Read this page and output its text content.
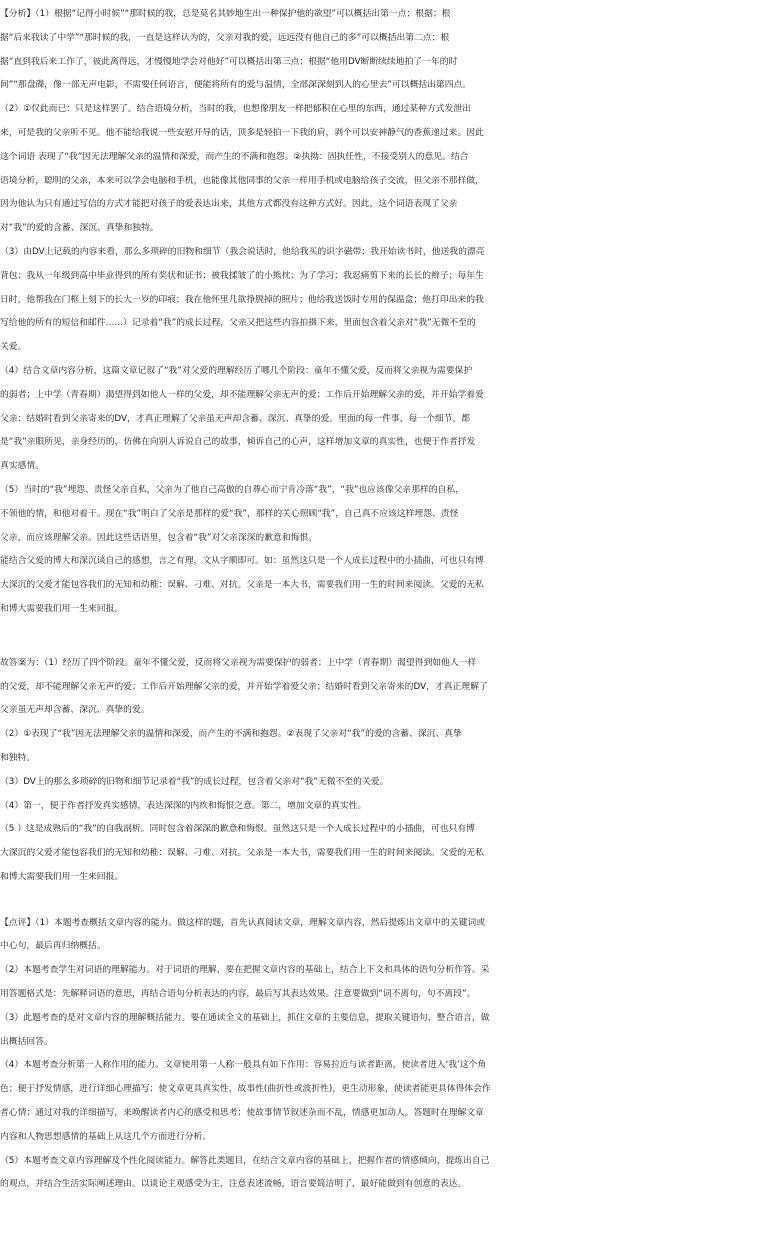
【分析】（1）根据“记得小时候”“那时候的我，总是莫名其妙地生出一种保护他的欲望”可以概括出第一点；根据；根

据“后来我读了中学”“那时候的我，一直是这样认为的，父亲对我的爱，远远没有他自己的多”可以概括出第二点；根

据“直到我后来工作了，彼此离得远，才慢慢地学会对他好”可以概括出第三点；根据“他用DV断断续续地拍了一年的时

间”“那盘碟，像一部无声电影，不需要任何语言，便能将所有的爱与温情，全部深深刻到人的心里去”可以概括出第四点。

（2）①仅此而已：只是这样罢了。结合语境分析，当时的我，也想像朋友一样把郁积在心里的东西，通过某种方式发泄出

来，可是我的父亲听不见。他不能给我说一些安慰开导的话，顶多是轻拍一下我的肩，剥个可以安神静气的香蕉递过来。因此

这个词语 表现了“我”因无法理解父亲的温情和深爱，而产生的不满和抱怨。②执拗：固执任性，不接受别人的意见。结合

语境分析，聪明的父亲，本来可以学会电脑和手机，也能像其他同事的父亲一样用手机或电脑给孩子交流，但父亲不那样做，

因为他认为只有通过写信的方式才能把对孩子的爱表达出来，其他方式都没有这种方式好。因此，这个词语表现了父亲

对“我”的爱的含蓄、深沉、真挚和独特。

（3）由DV上记载的内容来看，那么多琐碎的旧物和细节（我会说话时，他给我买的识字磁带；我开始读书时，他送我的漂亮

背包；我从一年级到高中毕业得到的所有奖状和证书；被我揉皱了的小熊枕；为了学习；我忍痛剪下来的长长的辫子；每年生

日时，他帮我在门框上刻下的长大一岁的印痕；我在他怀里几欲挣脱掉的照片；他给我送饭时专用的保温盒；他打印出来的我

写给他的所有的短信和邮件……）记录着“我”的成长过程，父亲又把这些内容拍摄下来，里面包含着父亲对“我”无微不至的

关爱。

（4）结合文章内容分析，这篇文章记叙了“我”对父爱的理解经历了哪几个阶段：童年不懂父爱，反而将父亲视为需要保护

的弱者；上中学（青春期）渴望得到如他人一样的父爱，却不能理解父亲无声的爱；工作后开始理解父亲的爱，并开始学着爱

父亲；结婚时看到父亲寄来的DV，才真正理解了父亲虽无声却含蓄、深沉、真挚的爱。里面的每一件事，每一个细节，都

是“我”亲眼所见，亲身经历的，仿佛在向别人诉说自己的故事，倾诉自己的心声，这样增加文章的真实性，也便于作者抒发

真实感情。

（5）当时的“我”埋怨、责怪父亲自私，父亲为了他自己高傲的自尊心而宁肯冷落“我”，“我”也应该像父亲那样的自私，

不领他的情，和他对着干。现在“我”明白了父亲是那样的爱“我”，那样的关心照顾“我”，自己真不应该这样埋怨、责怪

父亲，而应该理解父亲。因此这些话语里，包含着“我”对父亲深深的歉意和悔恨。

能结合父爱的博大和深沉谈自己的感想，言之有理，文从字顺即可。如：虽然这只是一个人成长过程中的小插曲，可也只有博

大深沉的父爱才能包容我们的无知和幼稚：误解、刁难、对抗。父亲是一本大书，需要我们用一生的时间来阅读。父爱的无私

和博大需要我们用一生来回报。

故答案为：（1）经历了四个阶段。童年不懂父爱，反而将父亲视为需要保护的弱者；上中学（青春期）渴望得到如他人一样

的父爱，却不能理解父亲无声的爱；工作后开始理解父亲的爱，并开始学着爱父亲；结婚时看到父亲寄来的DV，才真正理解了

父亲虽无声却含蓄、深沉、真挚的爱。

（2）①表现了“我”因无法理解父亲的温情和深爱，而产生的不满和抱怨。②表现了父亲对“我”的爱的含蓄、深沉、真挚

和独特。

（3）DV上的那么多琐碎的旧物和细节记录着“我”的成长过程，包含着父亲对“我”无微不至的关爱。

（4）第一，便于作者抒发真实感情，表达深深的内疚和悔恨之意。第二，增加文章的真实性。

（5 ）这是成熟后的“我”的自我剖析。同时包含着深深的歉意和悔恨。虽然这只是一个人成长过程中的小插曲，可也只有博

大深沉的父爱才能包容我们的无知和幼稚：误解、刁难、对抗。父亲是一本大书，需要我们用一生的时间来阅读。父爱的无私

和博大需要我们用一生来回报。

【点评】（1）本题考查概括文章内容的能力。做这样的题，首先认真阅读文章，理解文章内容，然后提炼出文章中的关键词或

中心句，最后再归纳概括。

（2）本题考查学生对词语的理解能力。对于词语的理解，要在把握文章内容的基础上，结合上下文和具体的语句分析作答。采

用答题格式是：先解释词语的意思，再结合语句分析表达的内容，最后写其表达效果。注意要做到“词不离句，句不离段”。

（3）此题考查的是对文章内容的理解概括能力。要在通读全文的基础上，抓住文章的主要信息，提取关键语句，整合语言，做

出概括回答。

（4）本题考查分析第一人称作用的能力。文章使用第一人称一般具有如下作用：容易拉近与读者距离，使读者进入‘我’这个角

色；便于抒发情感，进行详细心理描写；使文章更具真实性，故事性(曲折性或波折性)，更生动形象，使读者能更具体得体会作

者心情；通过对我的详细描写，来唤醒读者内心的感受和思考；使故事情节叙述杂而不乱，情感更加动人。答题时在理解文章

内容和人物思想感情的基础上从这几个方面进行分析。

（5）本题考查文章内容理解及个性化阅读能力。解答此类题目，在结合文章内容的基础上，把握作者的情感倾向，提炼出自己

的观点，并结合生活实际阐述理由。以谈论主观感受为主，注意表述流畅，语言要简洁明了，最好能做到有创意的表达。
